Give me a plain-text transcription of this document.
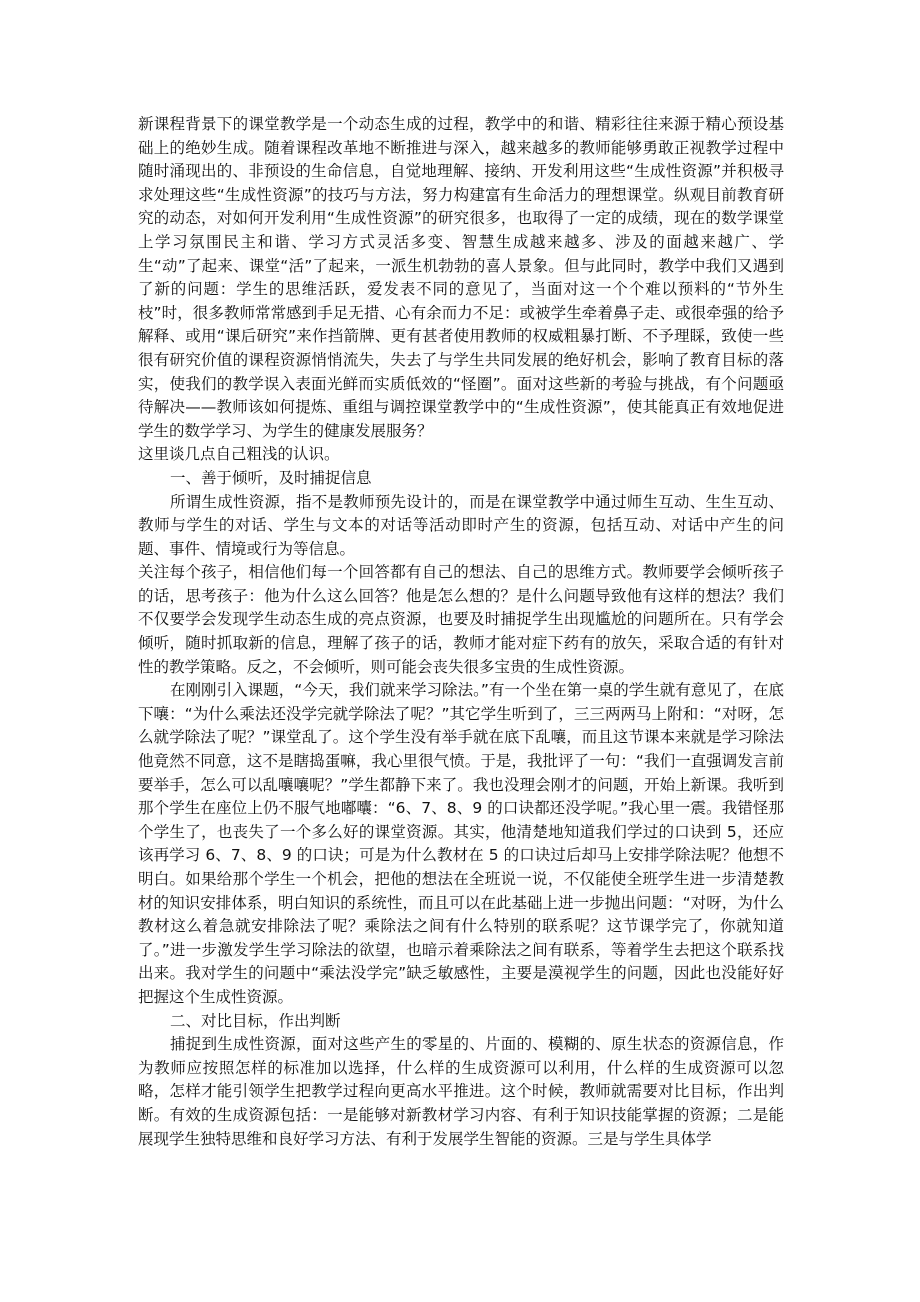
新课程背景下的课堂教学是一个动态生成的过程，教学中的和谐、精彩往往来源于精心预设基础上的绝妙生成。随着课程改革地不断推进与深入，越来越多的教师能够勇敢正视教学过程中随时涌现出的、非预设的生命信息，自觉地理解、接纳、开发利用这些“生成性资源”并积极寻求处理这些“生成性资源”的技巧与方法，努力构建富有生命活力的理想课堂。纵观目前教育研究的动态，对如何开发利用“生成性资源”的研究很多，也取得了一定的成绩，现在的数学课堂上学习氛围民主和谐、学习方式灵活多变、智慧生成越来越多、涉及的面越来越广、学生“动”了起来、课堂“活”了起来，一派生机勃勃的喜人景象。但与此同时，教学中我们又遇到了新的问题：学生的思维活跃，爱发表不同的意见了，当面对这一个个难以预料的“节外生枝”时，很多教师常常感到手足无措、心有余而力不足：或被学生牵着鼻子走、或很牵强的给予解释、或用“课后研究”来作挡箭牌、更有甚者使用教师的权威粗暴打断、不予理睬，致使一些很有研究价值的课程资源悄悄流失，失去了与学生共同发展的绝好机会，影响了教育目标的落实，使我们的教学误入表面光鲜而实质低效的“怪圈”。面对这些新的考验与挑战，有个问题亟待解决——教师该如何提炼、重组与调控课堂教学中的“生成性资源”，使其能真正有效地促进学生的数学学习、为学生的健康发展服务？

这里谈几点自己粗浅的认识。

一、善于倾听，及时捕捉信息

所谓生成性资源，指不是教师预先设计的，而是在课堂教学中通过师生互动、生生互动、教师与学生的对话、学生与文本的对话等活动即时产生的资源，包括互动、对话中产生的问题、事件、情境或行为等信息。

关注每个孩子，相信他们每一个回答都有自己的想法、自己的思维方式。教师要学会倾听孩子的话，思考孩子：他为什么这么回答？他是怎么想的？是什么问题导致他有这样的想法？我们不仅要学会发现学生动态生成的亮点资源，也要及时捕捉学生出现尴尬的问题所在。只有学会倾听，随时抓取新的信息，理解了孩子的话，教师才能对症下药有的放矢，采取合适的有针对性的教学策略。反之，不会倾听，则可能会丧失很多宝贵的生成性资源。

在刚刚引入课题，“今天，我们就来学习除法。”有一个坐在第一桌的学生就有意见了，在底下嚷：“为什么乘法还没学完就学除法了呢？”其它学生听到了，三三两两马上附和：“对呀，怎么就学除法了呢？”课堂乱了。这个学生没有举手就在底下乱嚷，而且这节课本来就是学习除法他竟然不同意，这不是瞎捣蛋嘛，我心里很气愤。于是，我批评了一句：“我们一直强调发言前要举手，怎么可以乱嚷嚷呢？”学生都静下来了。我也没理会刚才的问题，开始上新课。我听到那个学生在座位上仍不服气地嘟囔：“6、7、8、9 的口诀都还没学呢。”我心里一震。我错怪那个学生了，也丧失了一个多么好的课堂资源。其实，他清楚地知道我们学过的口诀到 5，还应该再学习 6、7、8、9 的口诀；可是为什么教材在 5 的口诀过后却马上安排学除法呢？他想不明白。如果给那个学生一个机会，把他的想法在全班说一说，不仅能使全班学生进一步清楚教材的知识安排体系，明白知识的系统性，而且可以在此基础上进一步抛出问题：“对呀，为什么教材这么着急就安排除法了呢？乘除法之间有什么特别的联系呢？这节课学完了，你就知道了。”进一步激发学生学习除法的欲望，也暗示着乘除法之间有联系，等着学生去把这个联系找出来。我对学生的问题中“乘法没学完”缺乏敏感性，主要是漠视学生的问题，因此也没能好好把握这个生成性资源。

二、对比目标，作出判断

捕捉到生成性资源，面对这些产生的零星的、片面的、模糊的、原生状态的资源信息，作为教师应按照怎样的标准加以选择，什么样的生成资源可以利用，什么样的生成资源可以忽略，怎样才能引领学生把教学过程向更高水平推进。这个时候，教师就需要对比目标，作出判断。有效的生成资源包括：一是能够对新教材学习内容、有利于知识技能掌握的资源；二是能展现学生独特思维和良好学习方法、有利于发展学生智能的资源。三是与学生具体学
